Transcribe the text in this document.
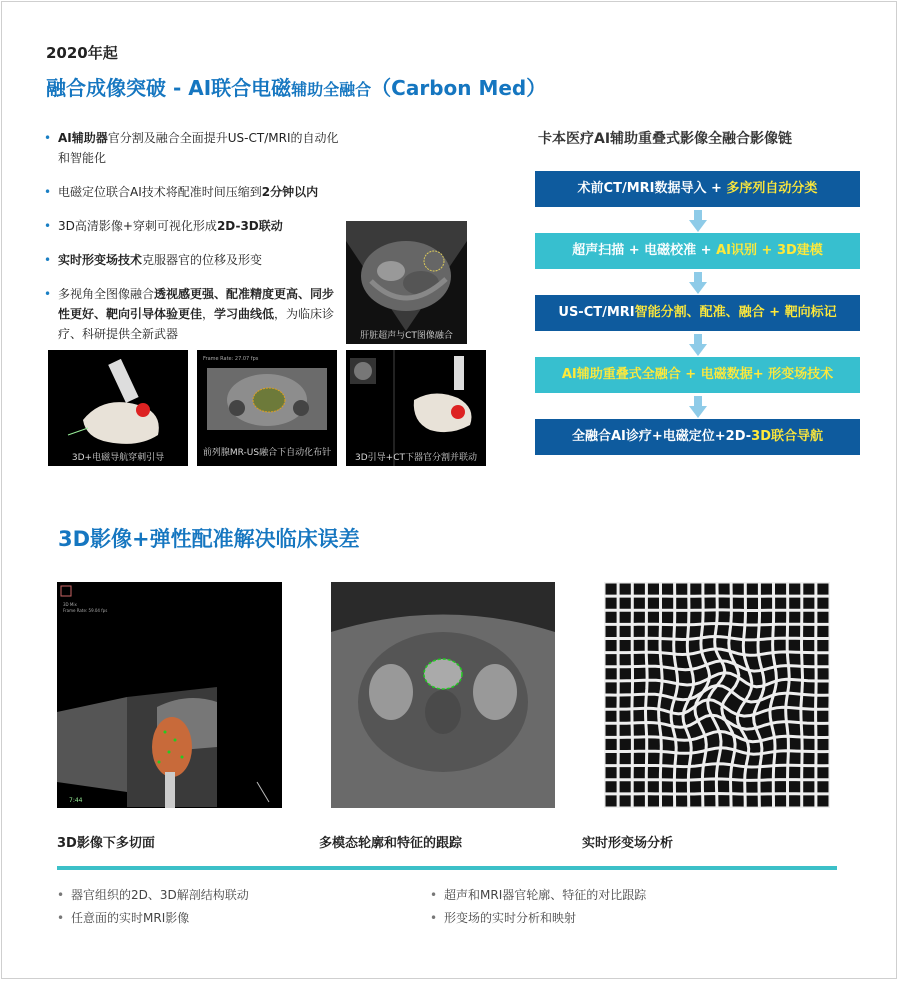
2020年起
融合成像突破 - AI联合电磁辅助全融合（Carbon Med）
• AI辅助器官分割及融合全面提升US-CT/MRI的自动化和智能化
• 电磁定位联合AI技术将配准时间压缩到2分钟以内
• 3D高清影像+穿刺可视化形成2D-3D联动
• 实时形变场技术克服器官的位移及形变
• 多视角全图像融合透视感更强、配准精度更高、同步性更好、靶向引导体验更佳，学习曲线低，为临床诊疗、科研提供全新武器	肝脏超声与CT图像融合
3D+电磁导航穿刺引导
Frame Rate: 27.07 fps
前列腺MR-US融合下自动化布针	3D引导+CT下器官分割并联动
卡本医疗AI辅助重叠式影像全融合影像链
术前CT/MRI数据导入 + 多序列自动分类
超声扫描 + 电磁校准 + AI识别 + 3D建模
US-CT/MRI智能分割、配准、融合 + 靶向标记
AI辅助重叠式全融合 + 电磁数据+ 形变场技术
全融合AI诊疗+电磁定位+2D-3D联合导航
3D影像+弹性配准解决临床误差
3D Mix
Frame Rate: 59.04 fps
7:44
3D影像下多切面	多模态轮廓和特征的跟踪	实时形变场分析
• 器官组织的2D、3D解剖结构联动
• 任意面的实时MRI影像
• 超声和MRI器官轮廓、特征的对比跟踪
• 形变场的实时分析和映射
